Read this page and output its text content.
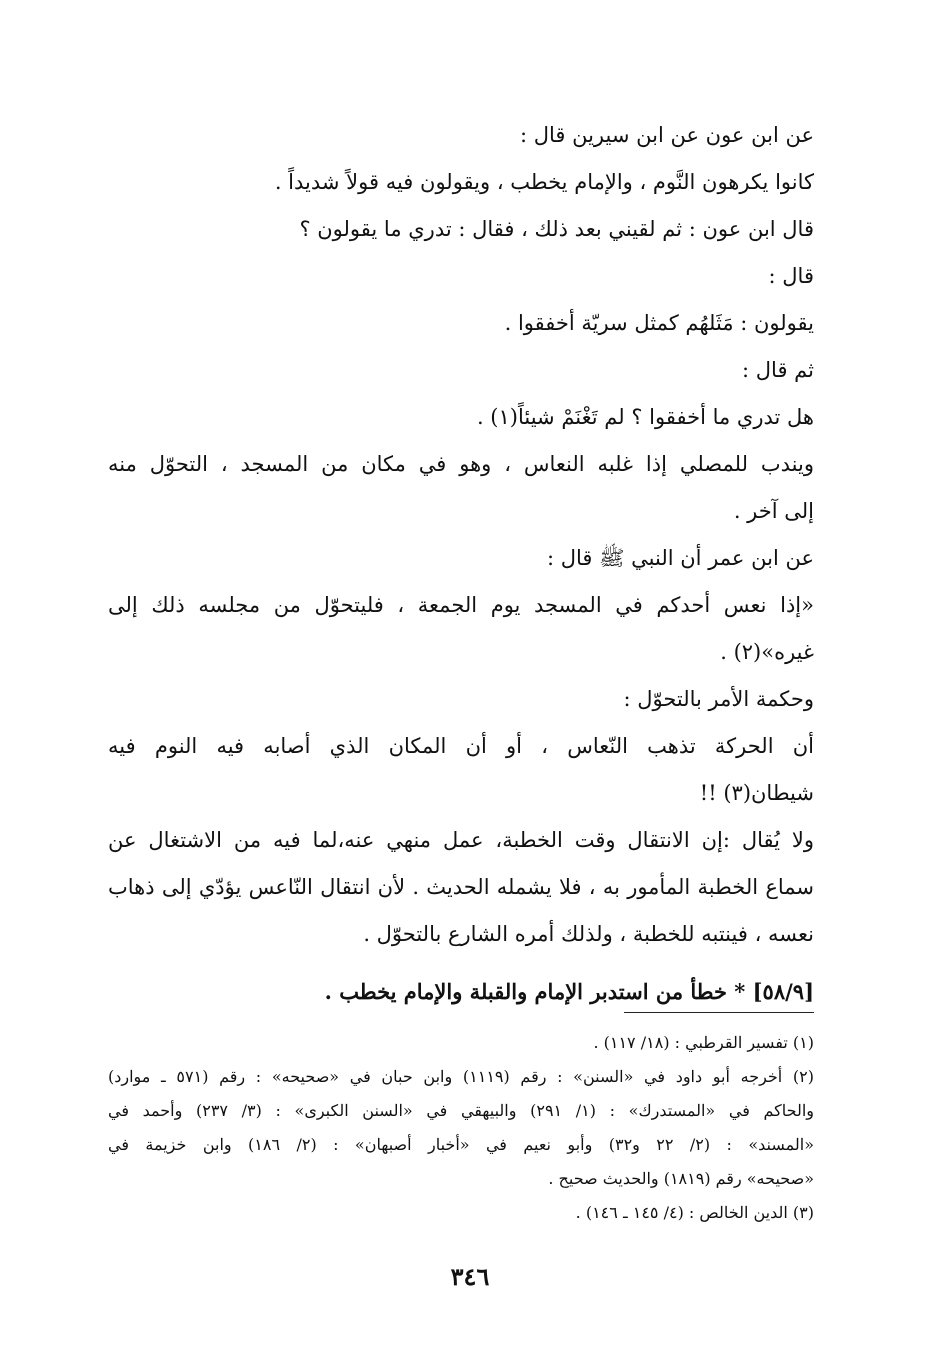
عن ابن عون عن ابن سيرين قال :
كانوا يكرهون النَّوم ، والإمام يخطب ، ويقولون فيه قولاً شديداً .
قال ابن عون : ثم لقيني بعد ذلك ، فقال : تدري ما يقولون ؟
قال :
يقولون : مَثَلهُم كمثل سريّة أخفقوا .
ثم قال :
هل تدري ما أخفقوا ؟ لم تَغْنَمْ شيئاً(١) .
ويندب للمصلي إذا غلبه النعاس ، وهو في مكان من المسجد ، التحوّل منه
إلى آخر .
عن ابن عمر أن النبي ﷺ قال :
«إذا نعس أحدكم في المسجد يوم الجمعة ، فليتحوّل من مجلسه ذلك إلى
غيره»(٢) .
وحكمة الأمر بالتحوّل :
أن الحركة تذهب النّعاس ، أو أن المكان الذي أصابه فيه النوم فيه
شيطان(٣) !!
ولا يُقال :إن الانتقال وقت الخطبة، عمل منهي عنه،لما فيه من الاشتغال عن
سماع الخطبة المأمور به ، فلا يشمله الحديث . لأن انتقال النّاعس يؤدّي إلى ذهاب
نعسه ، فينتبه للخطبة ، ولذلك أمره الشارع بالتحوّل .
[٥٨/٩] * خطأ من استدبر الإمام والقبلة والإمام يخطب .
(١) تفسير القرطبي : (١٨/ ١١٧) .
(٢) أخرجه أبو داود في «السنن» : رقم (١١١٩) وابن حبان في «صحيحه» : رقم (٥٧١ ـ موارد)
والحاكم في «المستدرك» : (١/ ٢٩١) والبيهقي في «السنن الكبرى» : (٣/ ٢٣٧) وأحمد في
«المسند» : (٢/ ٢٢ و٣٢) وأبو نعيم في «أخبار أصبهان» : (٢/ ١٨٦) وابن خزيمة في
«صحيحه» رقم (١٨١٩) والحديث صحيح .
(٣) الدين الخالص : (٤/ ١٤٥ ـ ١٤٦) .
٣٤٦
